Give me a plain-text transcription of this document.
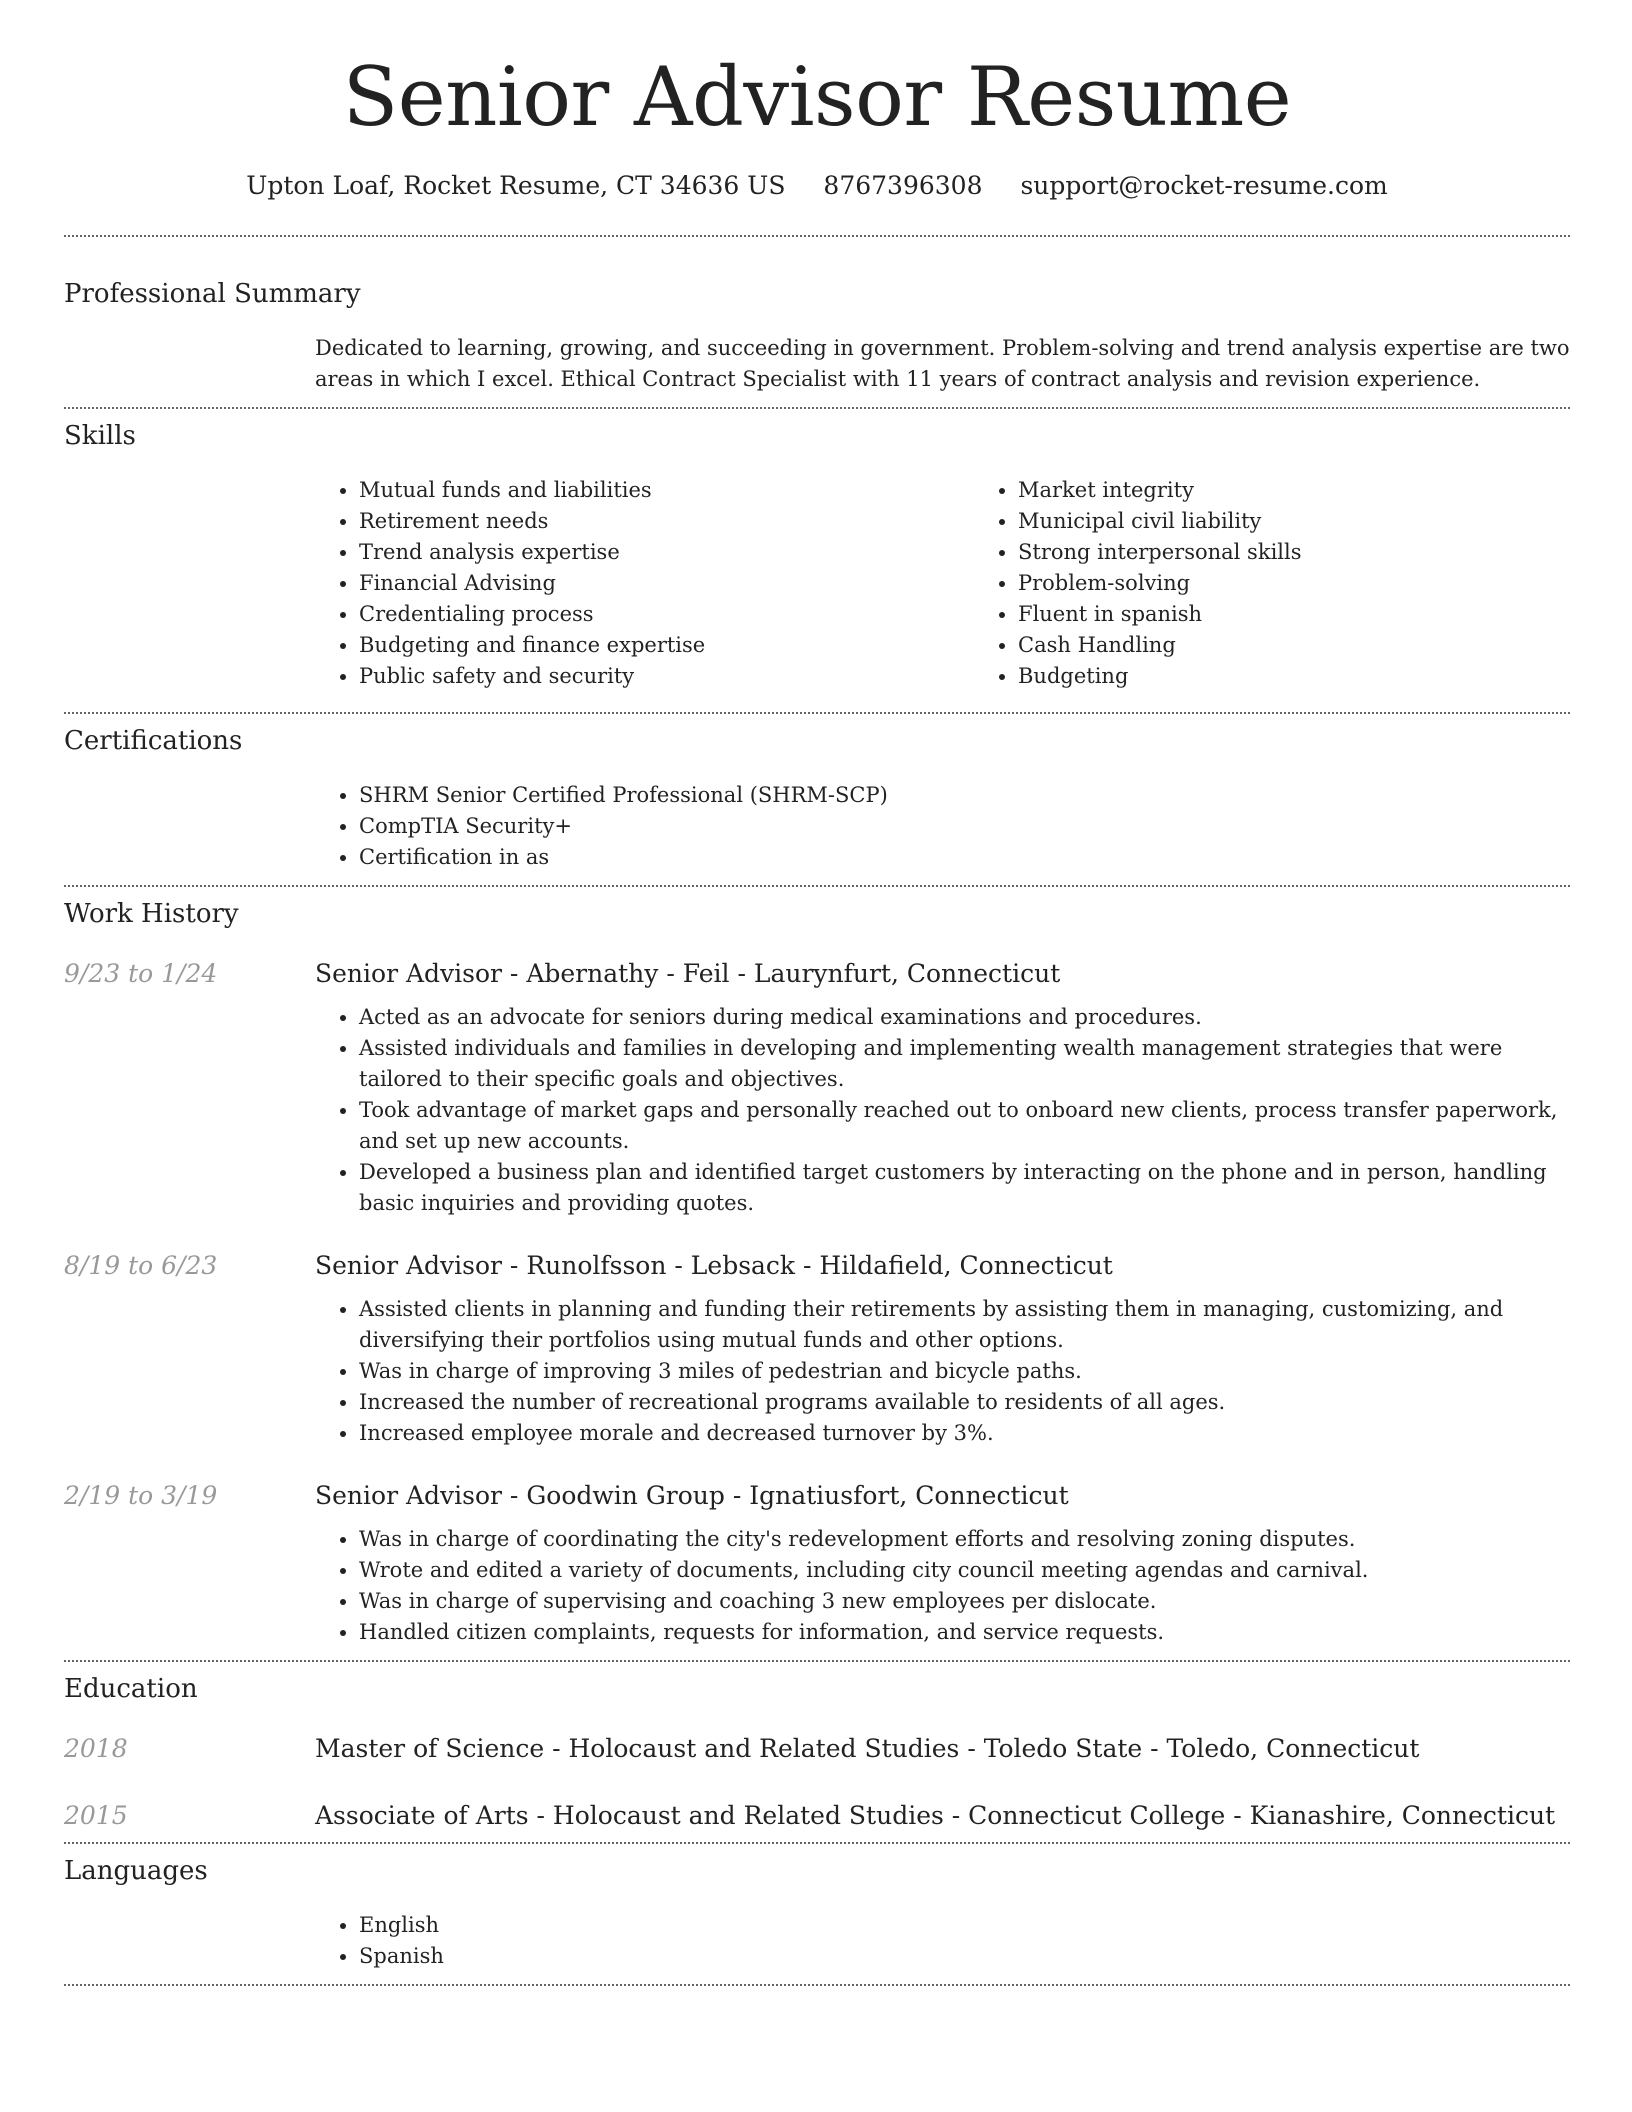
Senior Advisor Resume
Upton Loaf, Rocket Resume, CT 34636 US 8767396308 support@rocket-resume.com
Professional Summary
Dedicated to learning, growing, and succeeding in government. Problem-solving and trend analysis expertise are two areas in which I excel. Ethical Contract Specialist with 11 years of contract analysis and revision experience.
Skills
• Mutual funds and liabilities
• Retirement needs
• Trend analysis expertise
• Financial Advising
• Credentialing process
• Budgeting and finance expertise
• Public safety and security
• Market integrity
• Municipal civil liability
• Strong interpersonal skills
• Problem-solving
• Fluent in spanish
• Cash Handling
• Budgeting
Certifications
• SHRM Senior Certified Professional (SHRM-SCP)
• CompTIA Security+
• Certification in as
Work History
9/23 to 1/24	Senior Advisor - Abernathy - Feil - Laurynfurt, Connecticut
• Acted as an advocate for seniors during medical examinations and procedures.
• Assisted individuals and families in developing and implementing wealth management strategies that were tailored to their specific goals and objectives.
• Took advantage of market gaps and personally reached out to onboard new clients, process transfer paperwork, and set up new accounts.
• Developed a business plan and identified target customers by interacting on the phone and in person, handling basic inquiries and providing quotes.
8/19 to 6/23	Senior Advisor - Runolfsson - Lebsack - Hildafield, Connecticut
• Assisted clients in planning and funding their retirements by assisting them in managing, customizing, and diversifying their portfolios using mutual funds and other options.
• Was in charge of improving 3 miles of pedestrian and bicycle paths.
• Increased the number of recreational programs available to residents of all ages.
• Increased employee morale and decreased turnover by 3%.
2/19 to 3/19	Senior Advisor - Goodwin Group - Ignatiusfort, Connecticut
• Was in charge of coordinating the city's redevelopment efforts and resolving zoning disputes.
• Wrote and edited a variety of documents, including city council meeting agendas and carnival.
• Was in charge of supervising and coaching 3 new employees per dislocate.
• Handled citizen complaints, requests for information, and service requests.
Education
2018	Master of Science - Holocaust and Related Studies - Toledo State - Toledo, Connecticut
2015	Associate of Arts - Holocaust and Related Studies - Connecticut College - Kianashire, Connecticut
Languages
• English
• Spanish
